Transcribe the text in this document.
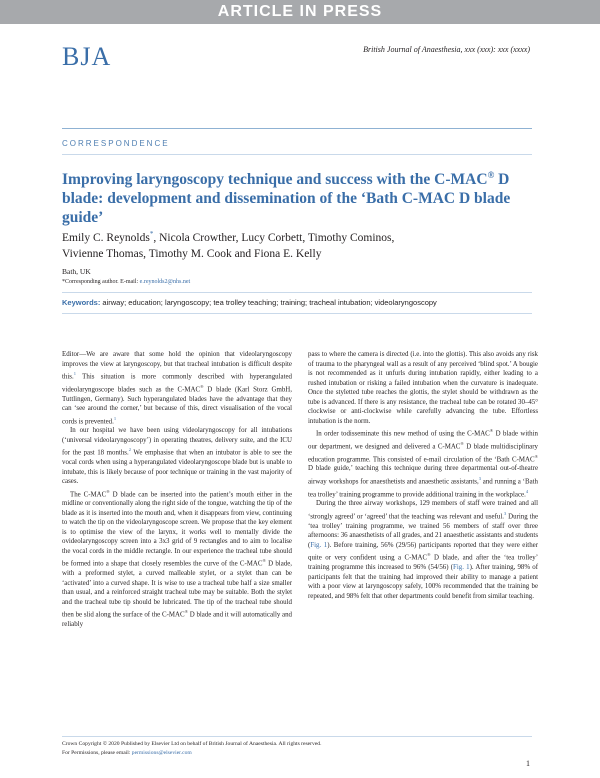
ARTICLE IN PRESS
BJA	British Journal of Anaesthesia, xxx (xxx): xxx (xxxx)
CORRESPONDENCE
Improving laryngoscopy technique and success with the C-MAC® D blade: development and dissemination of the ‘Bath C-MAC D blade guide’
Emily C. Reynolds*, Nicola Crowther, Lucy Corbett, Timothy Cominos,
Vivienne Thomas, Timothy M. Cook and Fiona E. Kelly
Bath, UK
*Corresponding author. E-mail: e.reynolds2@nhs.net
Keywords: airway; education; laryngoscopy; tea trolley teaching; training; tracheal intubation; videolaryngoscopy

Editor—We are aware that some hold the opinion that videolaryngoscopy improves the view at laryngoscopy, but that tracheal intubation is difficult despite this.$^1$ This situation is more commonly described with hyperangulated videolaryngoscope blades such as the C-MAC® D blade (Karl Storz GmbH, Tuttlingen, Germany). Such hyperangulated blades have the advantage that they can ‘see around the corner,’ but because of this, direct visualisation of the vocal cords is prevented.$^1$

In our hospital we have been using videolaryngoscopy for all intubations (‘universal videolaryngoscopy’) in operating theatres, delivery suite, and the ICU for the past 18 months.$^2$ We emphasise that when an intubator is able to see the vocal cords when using a hyperangulated videolaryngoscope blade but is unable to intubate, this is likely because of poor technique or training in the vast majority of cases.

The C-MAC® D blade can be inserted into the patient’s mouth either in the midline or conventionally along the right side of the tongue, watching the tip of the blade as it is inserted into the mouth and, when it disappears from view, continuing to watch the tip on the videolaryngoscope screen. We propose that the key element is to optimise the view of the larynx, it works well to mentally divide the ovideolaryngoscopy screen into a 3x3 grid of 9 rectangles and to aim to localise the vocal cords in the middle rectangle. In our experience the tracheal tube should be formed into a shape that closely resembles the curve of the C-MAC® D blade, with a preformed stylet, a curved malleable stylet, or a stylet than can be ‘activated’ into a curved shape. It is wise to use a tracheal tube half a size smaller than usual, and a reinforced straight tracheal tube may be suitable. Both the stylet and the tracheal tube tip should be lubricated. The tip of the tracheal tube should then be slid along the surface of the C-MAC® D blade and it will automatically and reliably

pass to where the camera is directed (i.e. into the glottis). This also avoids any risk of trauma to the pharyngeal wall as a result of any perceived ‘blind spot.’ A bougie is not recommended as it unfurls during intubation rapidly, either leading to a rushed intubation or risking a failed intubation when the curvature is inadequate. Once the styletted tube reaches the glottis, the stylet should be withdrawn as the tube is advanced. If there is any resistance, the tracheal tube can be rotated 30–45° clockwise or anti-clockwise while carefully advancing the tube. Effortless intubation is the norm.

In order todisseminate this new method of using the C-MAC® D blade within our department, we designed and delivered a C-MAC® D blade multidisciplinary education programme. This consisted of e-mail circulation of the ‘Bath C-MAC® D blade guide,’ teaching this technique during three departmental out-of-theatre airway workshops for anaesthetists and anaesthetic assistants,$^3$ and running a ‘Bath tea trolley’ training programme to provide additional training in the workplace.$^4$

During the three airway workshops, 129 members of staff were trained and all ‘strongly agreed’ or ‘agreed’ that the teaching was relevant and useful.$^3$ During the ‘tea trolley’ training programme, we trained 56 members of staff over three afternoons: 36 anaesthetists of all grades, and 21 anaesthetic assistants and students (Fig. 1). Before training, 56% (29/56) participants reported that they were either quite or very confident using a C-MAC® D blade, and after the ‘tea trolley’ training programme this increased to 96% (54/56) (Fig. 1). After training, 98% of participants felt that the training had improved their ability to manage a patient with a poor view at laryngoscopy safely, 100% recommended that the training be repeated, and 98% felt that other departments could benefit from similar teaching.

Crown Copyright © 2020 Published by Elsevier Ltd on behalf of British Journal of Anaesthesia. All rights reserved.
For Permissions, please email: permissions@elsevier.com
1
